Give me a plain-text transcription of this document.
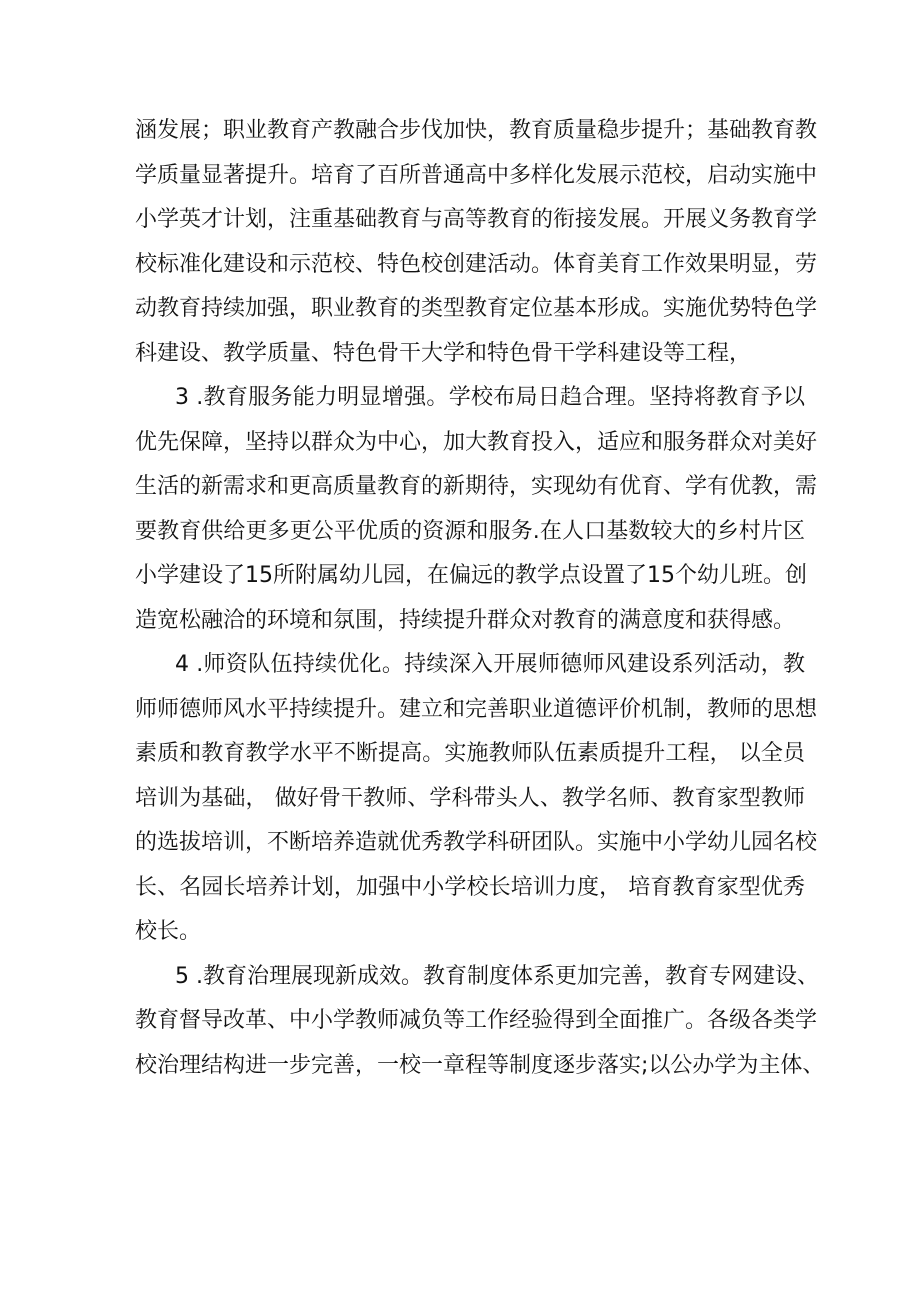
涵发展；职业教育产教融合步伐加快，教育质量稳步提升；基础教育教
学质量显著提升。培育了百所普通高中多样化发展示范校，启动实施中
小学英才计划，注重基础教育与高等教育的衔接发展。开展义务教育学
校标准化建设和示范校、特色校创建活动。体育美育工作效果明显，劳
动教育持续加强，职业教育的类型教育定位基本形成。实施优势特色学
科建设、教学质量、特色骨干大学和特色骨干学科建设等工程，
3 .教育服务能力明显增强。学校布局日趋合理。坚持将教育予以
优先保障，坚持以群众为中心，加大教育投入，适应和服务群众对美好
生活的新需求和更高质量教育的新期待，实现幼有优育、学有优教，需
要教育供给更多更公平优质的资源和服务.在人口基数较大的乡村片区
小学建设了15所附属幼儿园，在偏远的教学点设置了15个幼儿班。创
造宽松融洽的环境和氛围，持续提升群众对教育的满意度和获得感。
4 .师资队伍持续优化。持续深入开展师德师风建设系列活动，教
师师德师风水平持续提升。建立和完善职业道德评价机制，教师的思想
素质和教育教学水平不断提高。实施教师队伍素质提升工程， 以全员
培训为基础， 做好骨干教师、学科带头人、教学名师、教育家型教师
的选拔培训，不断培养造就优秀教学科研团队。实施中小学幼儿园名校
长、名园长培养计划，加强中小学校长培训力度， 培育教育家型优秀
校长。
5 .教育治理展现新成效。教育制度体系更加完善，教育专网建设、
教育督导改革、中小学教师减负等工作经验得到全面推广。各级各类学
校治理结构进一步完善，一校一章程等制度逐步落实;以公办学为主体、
